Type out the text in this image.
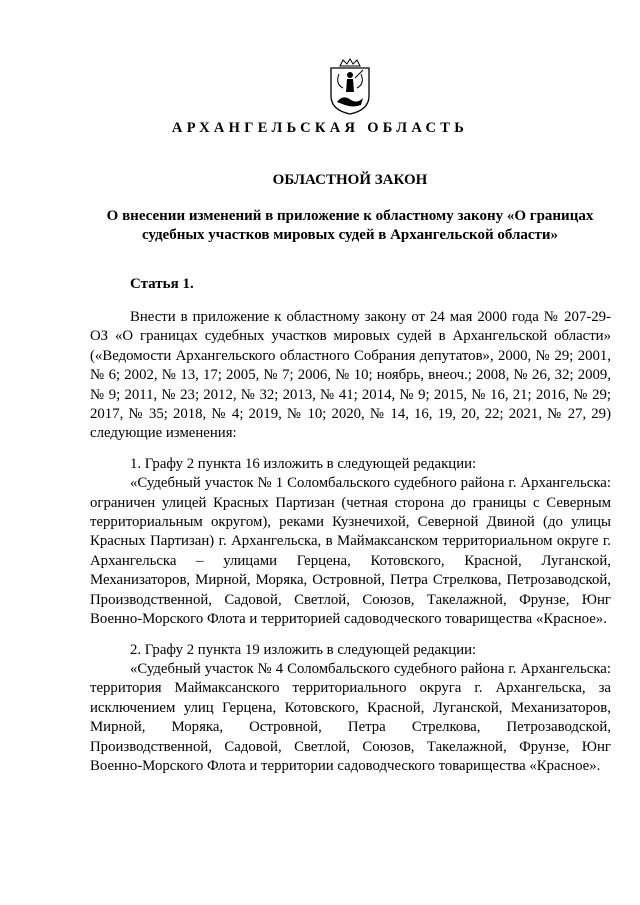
АРХАНГЕЛЬСКАЯ ОБЛАСТЬ
ОБЛАСТНОЙ ЗАКОН
О внесении изменений в приложение к областному закону «О границах
судебных участков мировых судей в Архангельской области»
Статья 1.

Внести в приложение к областному закону от 24 мая 2000 года № 207-29-ОЗ «О границах судебных участков мировых судей в Архангельской области» («Ведомости Архангельского областного Собрания депутатов», 2000, № 29; 2001, № 6; 2002, № 13, 17; 2005, № 7; 2006, № 10; ноябрь, внеоч.; 2008, № 26, 32; 2009, № 9; 2011, № 23; 2012, № 32; 2013, № 41; 2014, № 9; 2015, № 16, 21; 2016, № 29; 2017, № 35; 2018, № 4; 2019, № 10; 2020, № 14, 16, 19, 20, 22; 2021, № 27, 29) следующие изменения:

1. Графу 2 пункта 16 изложить в следующей редакции:

«Судебный участок № 1 Соломбальского судебного района г. Архангельска: ограничен улицей Красных Партизан (четная сторона до границы с Северным территориальным округом), реками Кузнечихой, Северной Двиной (до улицы Красных Партизан) г. Архангельска, в Маймаксанском территориальном округе г. Архангельска – улицами Герцена, Котовского, Красной, Луганской, Механизаторов, Мирной, Моряка, Островной, Петра Стрелкова, Петрозаводской, Производственной, Садовой, Светлой, Союзов, Такелажной, Фрунзе, Юнг Военно-Морского Флота и территорией садоводческого товарищества «Красное».

2. Графу 2 пункта 19 изложить в следующей редакции:

«Судебный участок № 4 Соломбальского судебного района г. Архангельска: территория Маймаксанского территориального округа г. Архангельска, за исключением улиц Герцена, Котовского, Красной, Луганской, Механизаторов, Мирной, Моряка, Островной, Петра Стрелкова, Петрозаводской, Производственной, Садовой, Светлой, Союзов, Такелажной, Фрунзе, Юнг Военно-Морского Флота и территории садоводческого товарищества «Красное».
